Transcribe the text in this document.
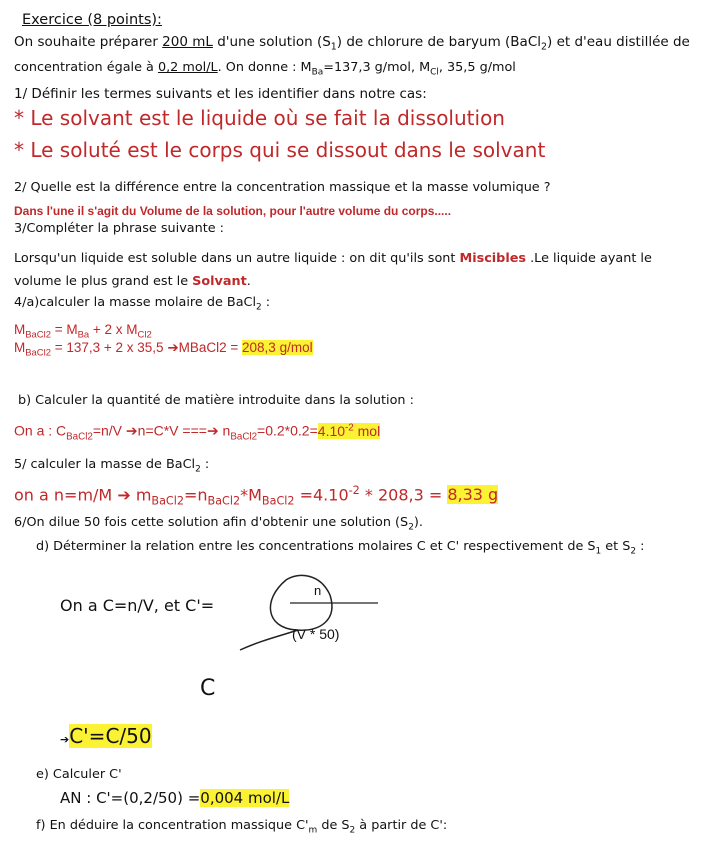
Exercice (8 points):
On souhaite préparer 200 mL d'une solution $(S_1)$ de chlorure de baryum (BaCl$_2$) et d'eau distillée de
concentration égale à 0,2 mol/L. On donne : $M_{Ba}=137,3$ g/mol, $M_{Cl}$, 35,5 g/mol
1/ Définir les termes suivants et les identifier dans notre cas:
* Le solvant est le liquide où se fait la dissolution
* Le soluté est le corps qui se dissout dans le solvant
2/ Quelle est la différence entre la concentration massique et la masse volumique ?
Dans l'une il s'agit du Volume de la solution, pour l'autre volume du corps.....
3/Compléter la phrase suivante :
Lorsqu'un liquide est soluble dans un autre liquide : on dit qu'ils sont Miscibles .Le liquide ayant le
volume le plus grand est le Solvant.
4/a)calculer la masse molaire de BaCl$_2$ :
$M_{BaCl2} = M_{Ba} + 2$ x $M_{Cl2}$
$M_{BaCl2} = 137,3 + 2$ x 35,5 ➔MBaCl2 = 208,3 g/mol
b) Calculer la quantité de matière introduite dans la solution :
On a : $C_{BaCl2}=n/V$ ➔n=C*V ===➔ $n_{BaCl2}=0.2*0.2=4.10^{-2}$ mol
5/ calculer la masse de BaCl$_2$ :
on a n=m/M ➔ $m_{BaCl2}=n_{BaCl2}*M_{BaCl2} =4.10^{-2} * 208,3 = 8,33$ g
6/On dilue 50 fois cette solution afin d'obtenir une solution $(S_2)$.
d) Déterminer la relation entre les concentrations molaires C et C' respectivement de $S_1$ et $S_2$ :
On a C=n/V, et C'=
n
(V * 50)
C
➔C'=C/50
e) Calculer C'
AN : C'=(0,2/50) =0,004 mol/L
f) En déduire la concentration massique $C'_m$ de $S_2$ à partir de C':
